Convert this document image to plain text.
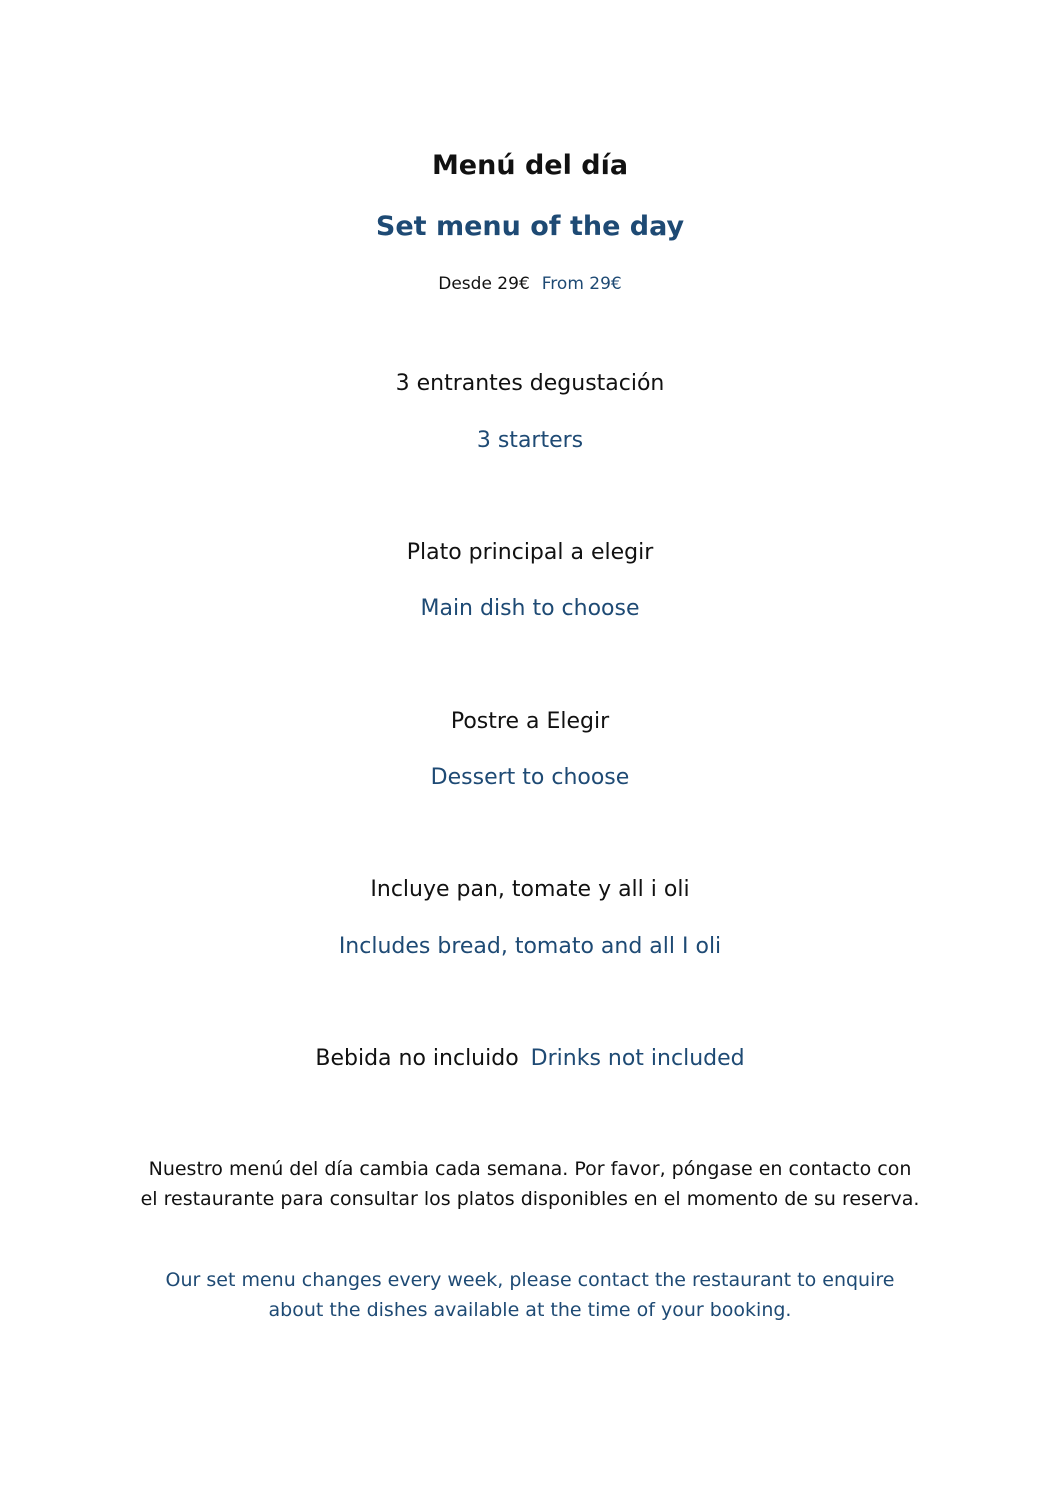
Menú del día
Set menu of the day
Desde 29€ From 29€
3 entrantes degustación
3 starters
Plato principal a elegir
Main dish to choose
Postre a Elegir
Dessert to choose
Incluye pan, tomate y all i oli
Includes bread, tomato and all I oli
Bebida no incluido Drinks not included
Nuestro menú del día cambia cada semana. Por favor, póngase en contacto con el restaurante para consultar los platos disponibles en el momento de su reserva.
Our set menu changes every week, please contact the restaurant to enquire about the dishes available at the time of your booking.
